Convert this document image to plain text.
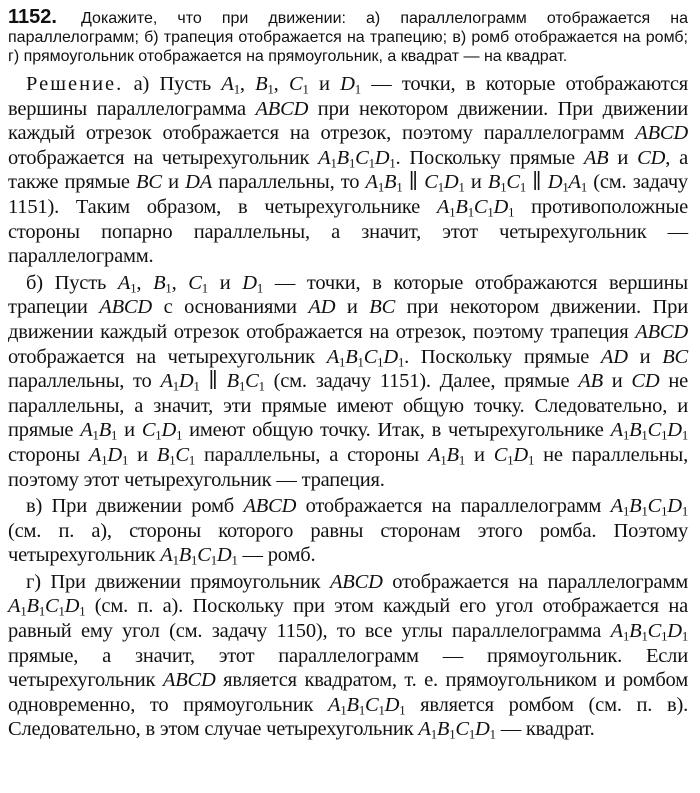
1152. Докажите, что при движении: а) параллелограмм отображается на параллелограмм; б) трапеция отображается на трапецию; в) ромб отображается на ромб; г) прямоугольник отображается на прямоугольник, а квадрат — на квадрат.

Решение. а) Пусть $A_1$, $B_1$, $C_1$ и $D_1$ — точки, в которые отображаются вершины параллелограмма ABCD при некотором движении. При движении каждый отрезок отображается на отрезок, поэтому параллелограмм ABCD отображается на четырехугольник $A_1B_1C_1D_1$. Поскольку прямые AB и CD, а также прямые BC и DA параллельны, то $A_1B_1$ ∥ $C_1D_1$ и $B_1C_1$ ∥ $D_1A_1$ (см. задачу 1151). Таким образом, в четырехугольнике $A_1B_1C_1D_1$ противоположные стороны попарно параллельны, а значит, этот четырехугольник — параллелограмм.

б) Пусть $A_1$, $B_1$, $C_1$ и $D_1$ — точки, в которые отображаются вершины трапеции ABCD с основаниями AD и BC при некотором движении. При движении каждый отрезок отображается на отрезок, поэтому трапеция ABCD отображается на четырехугольник $A_1B_1C_1D_1$. Поскольку прямые AD и BC параллельны, то $A_1D_1$ ∥ $B_1C_1$ (см. задачу 1151). Далее, прямые AB и CD не параллельны, а значит, эти прямые имеют общую точку. Следовательно, и прямые $A_1B_1$ и $C_1D_1$ имеют общую точку. Итак, в четырехугольнике $A_1B_1C_1D_1$ стороны $A_1D_1$ и $B_1C_1$ параллельны, а стороны $A_1B_1$ и $C_1D_1$ не параллельны, поэтому этот четырехугольник — трапеция.

в) При движении ромб ABCD отображается на параллелограмм $A_1B_1C_1D_1$ (см. п. а), стороны которого равны сторонам этого ромба. Поэтому четырехугольник $A_1B_1C_1D_1$ — ромб.

г) При движении прямоугольник ABCD отображается на параллелограмм $A_1B_1C_1D_1$ (см. п. а). Поскольку при этом каждый его угол отображается на равный ему угол (см. задачу 1150), то все углы параллелограмма $A_1B_1C_1D_1$ прямые, а значит, этот параллелограмм — прямоугольник. Если четырехугольник ABCD является квадратом, т. е. прямоугольником и ромбом одновременно, то прямоугольник $A_1B_1C_1D_1$ является ромбом (см. п. в). Следовательно, в этом случае четырехугольник $A_1B_1C_1D_1$ — квадрат.
